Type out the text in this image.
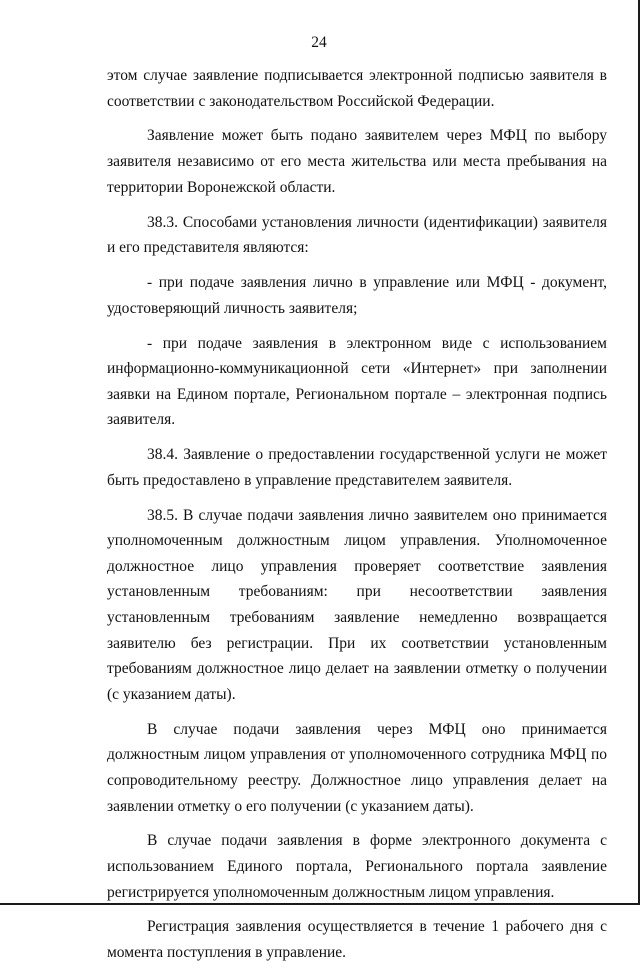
24

этом случае заявление подписывается электронной подписью заявителя в соответствии с законодательством Российской Федерации.

Заявление может быть подано заявителем через МФЦ по выбору заявителя независимо от его места жительства или места пребывания на территории Воронежской области.

38.3. Способами установления личности (идентификации) заявителя и его представителя являются:

- при подаче заявления лично в управление или МФЦ - документ, удостоверяющий личность заявителя;

- при подаче заявления в электронном виде с использованием информационно-коммуникационной сети «Интернет» при заполнении заявки на Едином портале, Региональном портале – электронная подпись заявителя.

38.4. Заявление о предоставлении государственной услуги не может быть предоставлено в управление представителем заявителя.

38.5. В случае подачи заявления лично заявителем оно принимается уполномоченным должностным лицом управления. Уполномоченное должностное лицо управления проверяет соответствие заявления установленным требованиям: при несоответствии заявления установленным требованиям заявление немедленно возвращается заявителю без регистрации. При их соответствии установленным требованиям должностное лицо делает на заявлении отметку о получении (с указанием даты).

В случае подачи заявления через МФЦ оно принимается должностным лицом управления от уполномоченного сотрудника МФЦ по сопроводительному реестру. Должностное лицо управления делает на заявлении отметку о его получении (с указанием даты).

В случае подачи заявления в форме электронного документа с использованием Единого портала, Регионального портала заявление регистрируется уполномоченным должностным лицом управления.

Регистрация заявления осуществляется в течение 1 рабочего дня с момента поступления в управление.
